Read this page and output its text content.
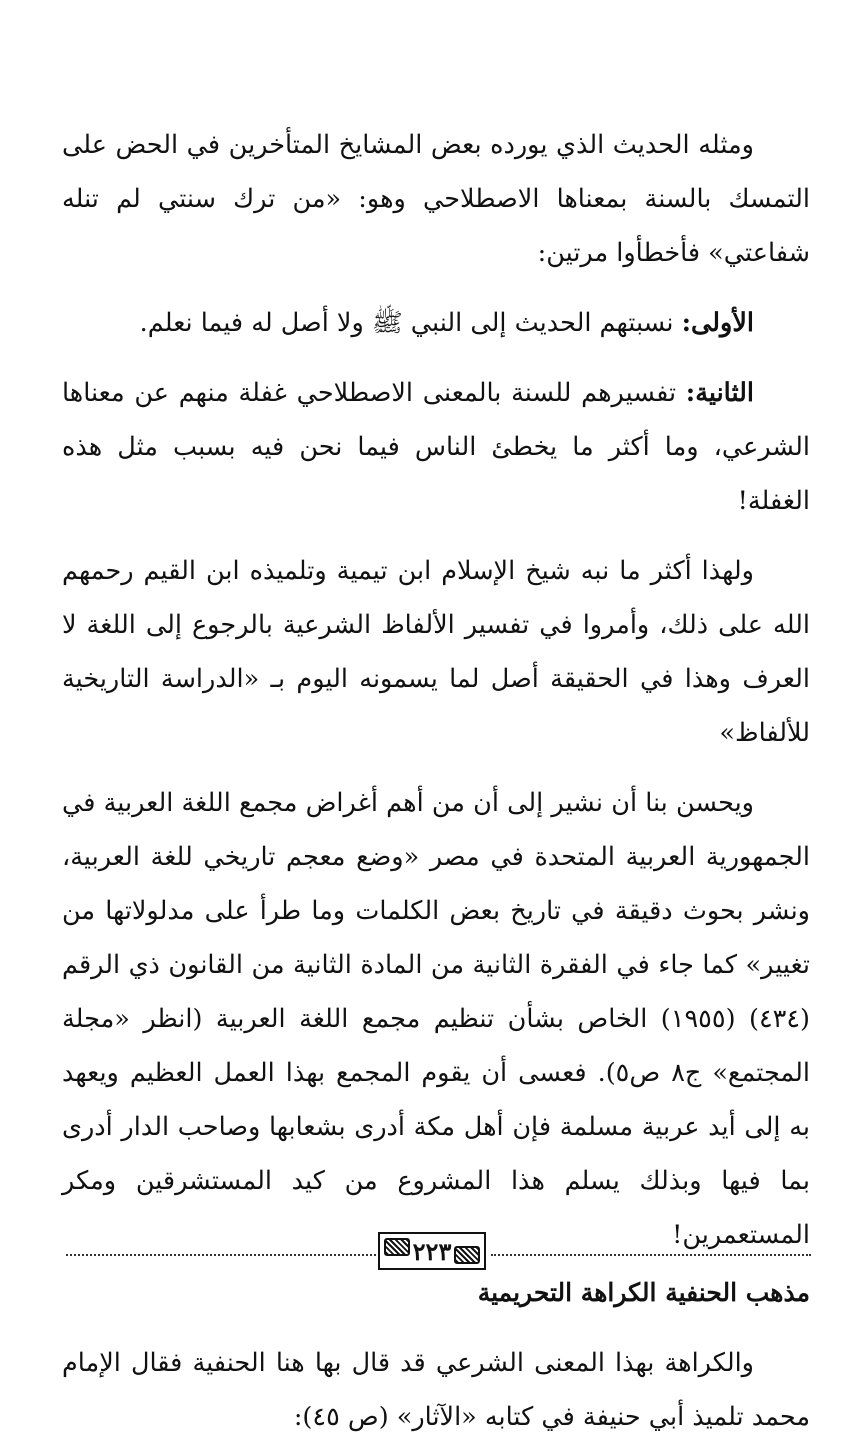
ومثله الحديث الذي يورده بعض المشايخ المتأخرين في الحض على التمسك بالسنة بمعناها الاصطلاحي وهو: «من ترك سنتي لم تنله شفاعتي» فأخطأوا مرتين:

الأولى: نسبتهم الحديث إلى النبي ﷺ ولا أصل له فيما نعلم.

الثانية: تفسيرهم للسنة بالمعنى الاصطلاحي غفلة منهم عن معناها الشرعي، وما أكثر ما يخطئ الناس فيما نحن فيه بسبب مثل هذه الغفلة!

ولهذا أكثر ما نبه شيخ الإسلام ابن تيمية وتلميذه ابن القيم رحمهم الله على ذلك، وأمروا في تفسير الألفاظ الشرعية بالرجوع إلى اللغة لا العرف وهذا في الحقيقة أصل لما يسمونه اليوم بـ «الدراسة التاريخية للألفاظ»

ويحسن بنا أن نشير إلى أن من أهم أغراض مجمع اللغة العربية في الجمهورية العربية المتحدة في مصر «وضع معجم تاريخي للغة العربية، ونشر بحوث دقيقة في تاريخ بعض الكلمات وما طرأ على مدلولاتها من تغيير» كما جاء في الفقرة الثانية من المادة الثانية من القانون ذي الرقم (٤٣٤) (١٩٥٥) الخاص بشأن تنظيم مجمع اللغة العربية (انظر «مجلة المجتمع» ج٨ ص٥). فعسى أن يقوم المجمع بهذا العمل العظيم ويعهد به إلى أيد عربية مسلمة فإن أهل مكة أدرى بشعابها وصاحب الدار أدرى بما فيها وبذلك يسلم هذا المشروع من كيد المستشرقين ومكر المستعمرين!

مذهب الحنفية الكراهة التحريمية

والكراهة بهذا المعنى الشرعي قد قال بها هنا الحنفية فقال الإمام محمد تلميذ أبي حنيفة في كتابه «الآثار» (ص ٤٥):

٢٢٣
